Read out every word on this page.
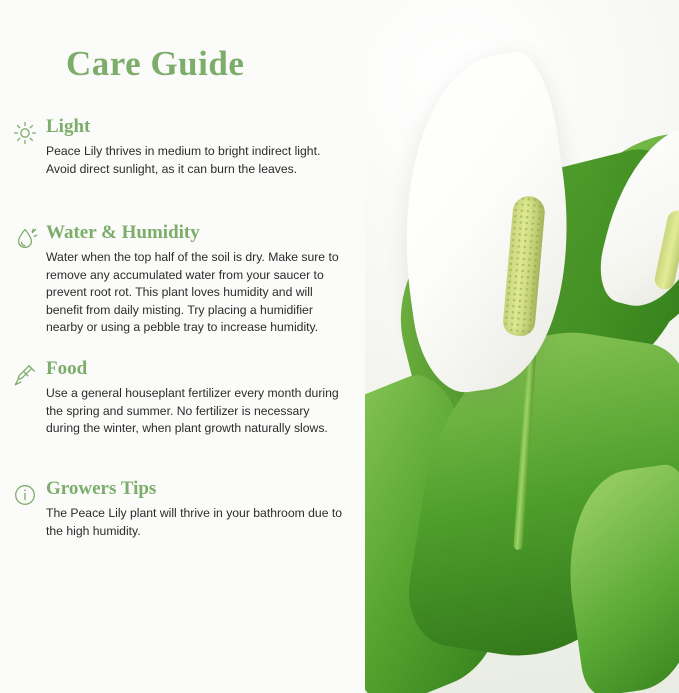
Care Guide

Light

Peace Lily thrives in medium to bright indirect light. Avoid direct sunlight, as it can burn the leaves.

Water & Humidity

Water when the top half of the soil is dry. Make sure to remove any accumulated water from your saucer to prevent root rot. This plant loves humidity and will benefit from daily misting. Try placing a humidifier nearby or using a pebble tray to increase humidity.

Food

Use a general houseplant fertilizer every month during the spring and summer. No fertilizer is necessary during the winter, when plant growth naturally slows.

Growers Tips

The Peace Lily plant will thrive in your bathroom due to the high humidity.
